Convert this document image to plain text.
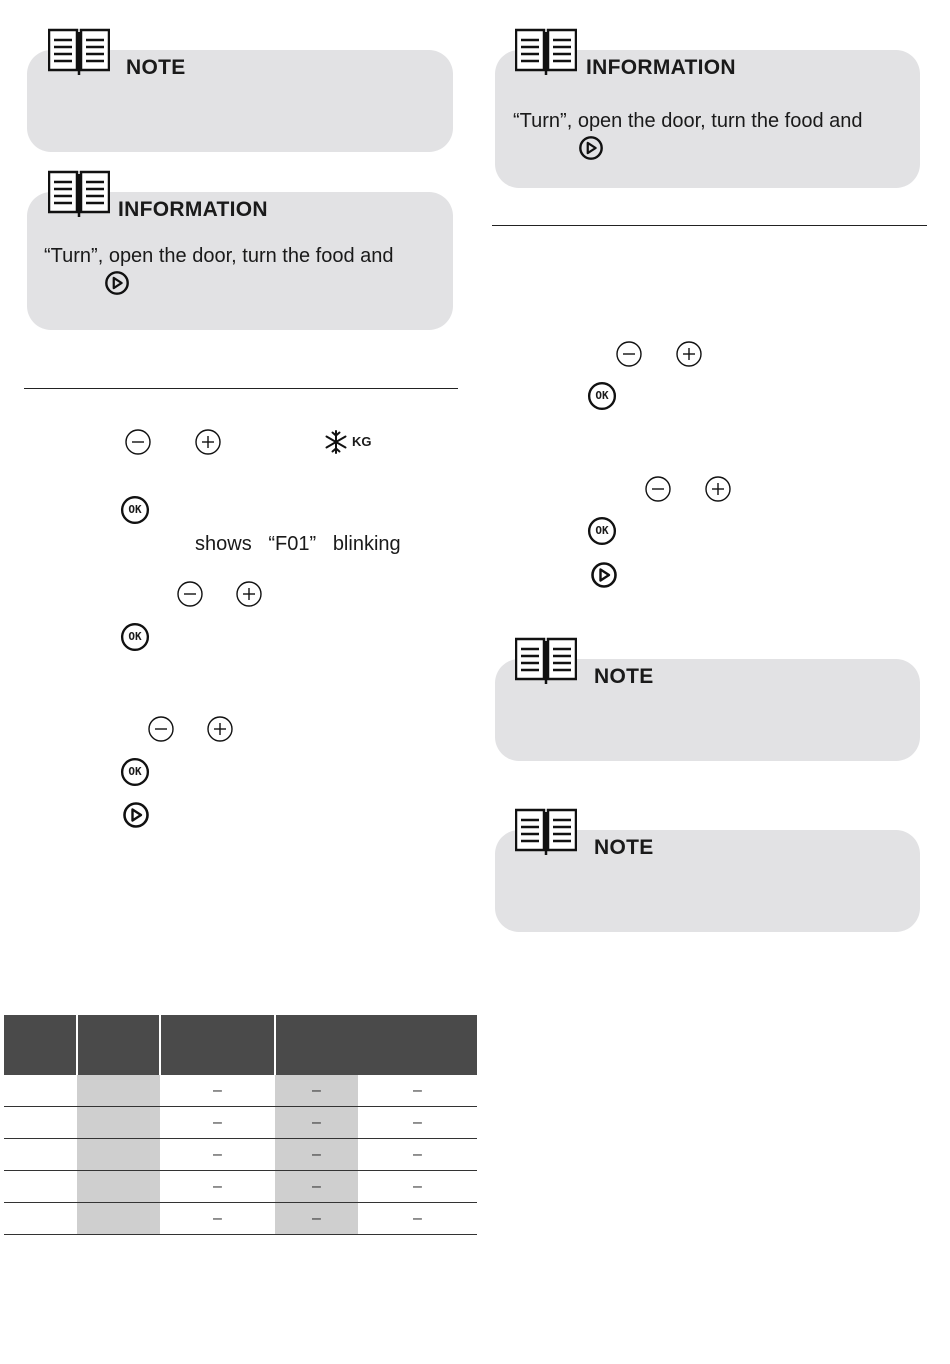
NOTE
INFORMATION
“Turn”, open the door, turn the food and
KG
OK
shows   “F01”   blinking
OK
OK

		–	–	–
		–	–	–
		–	–	–
		–	–	–
		–	–	–
INFORMATION
“Turn”, open the door, turn the food and
OK
OK
NOTE
NOTE
